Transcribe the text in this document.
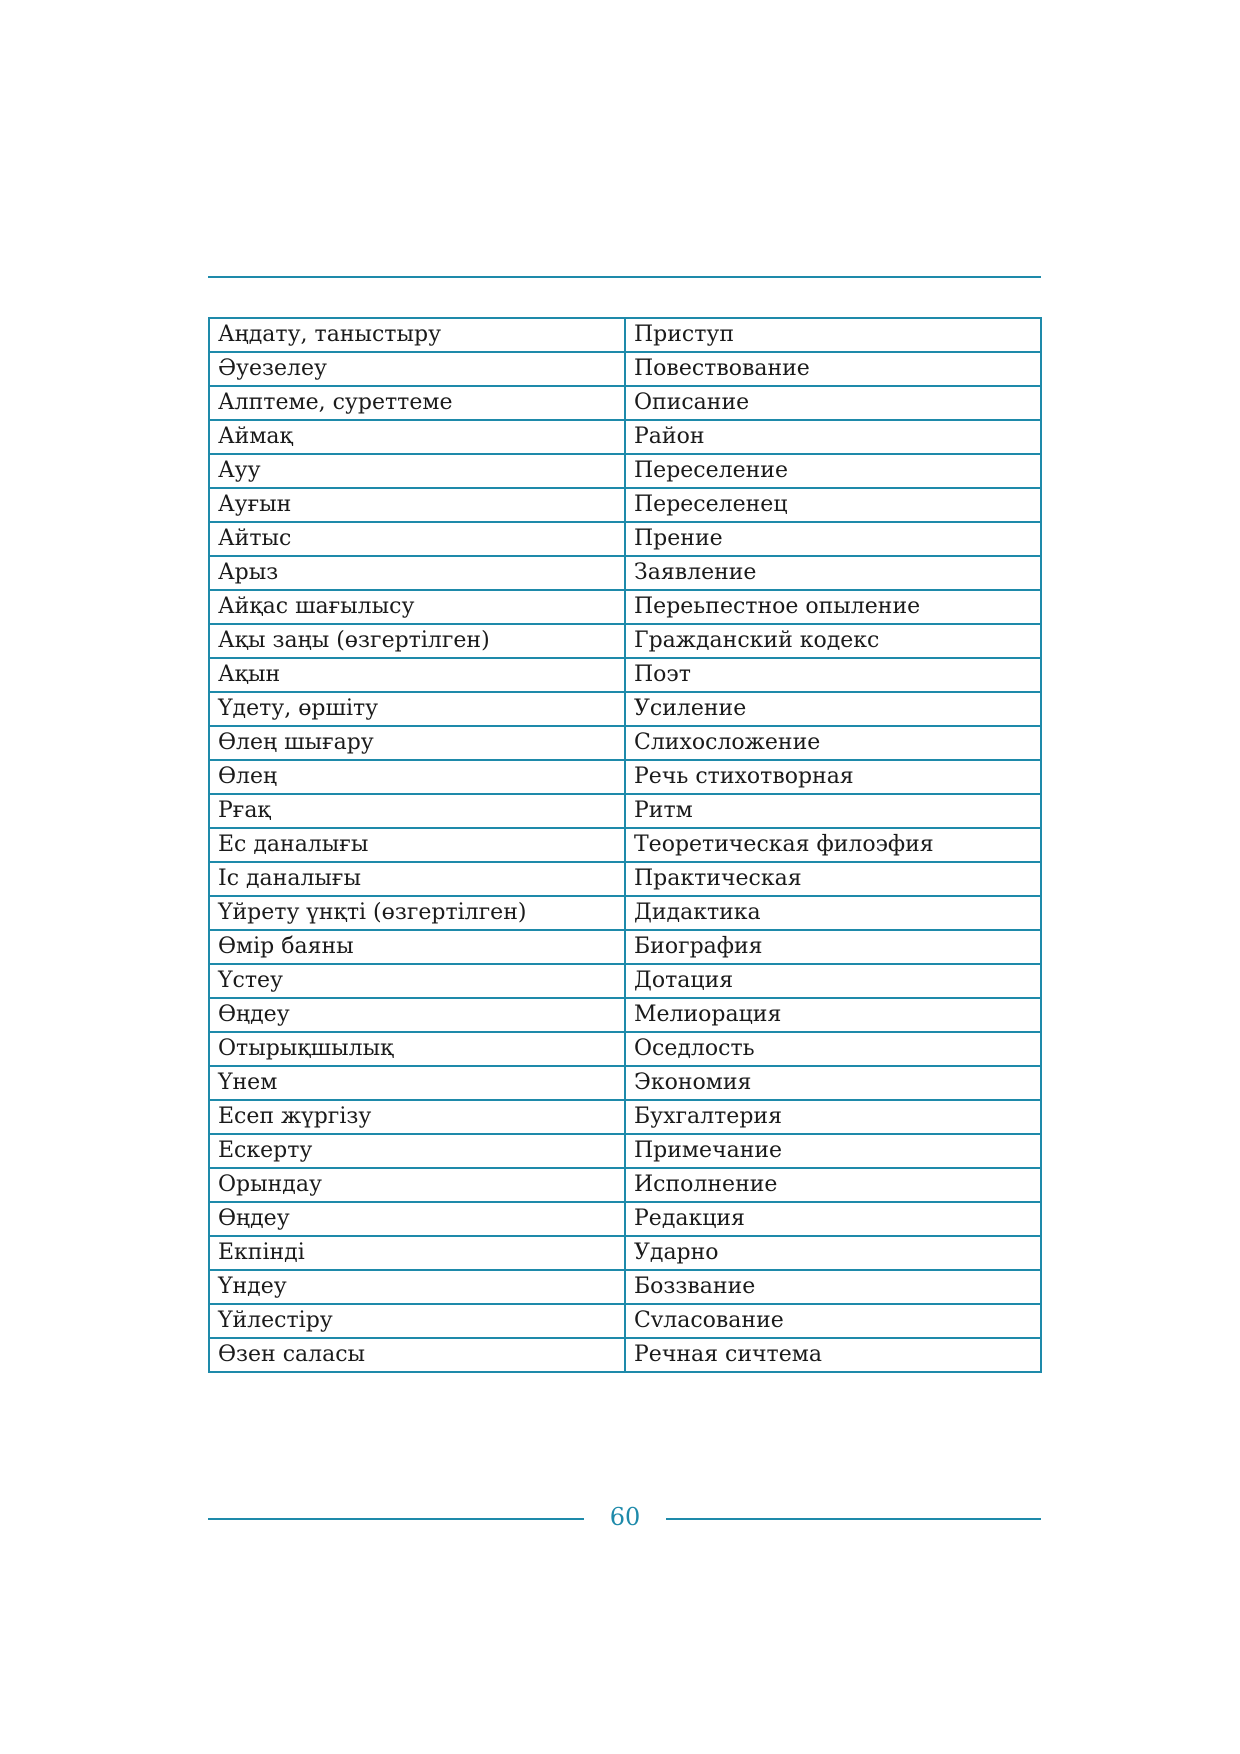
Аңдату, таныстыру	Приступ
Әуезелеу	Повествование
Алптеме, суреттеме	Описание
Аймақ	Район
Ауу	Переселение
Ауғын	Переселенец
Айтыс	Прение
Арыз	Заявление
Айқас шағылысу	Переьпестное опыление
Ақы заңы (өзгертілген)	Гражданский кодекс
Ақын	Поэт
Үдету, өршіту	Усиление
Өлең шығару	Слихосложение
Өлең	Речь стихотворная
Рғақ	Ритм
Ес даналығы	Теоретическая филоэфия
Іс даналығы	Практическая
Үйрету үнқті (өзгертілген)	Дидактика
Өмір баяны	Биография
Үстеу	Дотация
Өңдеу	Мелиорация
Отырықшылық	Оседлость
Үнем	Экономия
Есеп жүргізу	Бухгалтерия
Ескерту	Примечание
Орындау	Исполнение
Өңдеу	Редакция
Екпінді	Ударно
Үндеу	Боззвание
Үйлестіру	Сvласование
Өзен саласы	Речная сичтема
60
